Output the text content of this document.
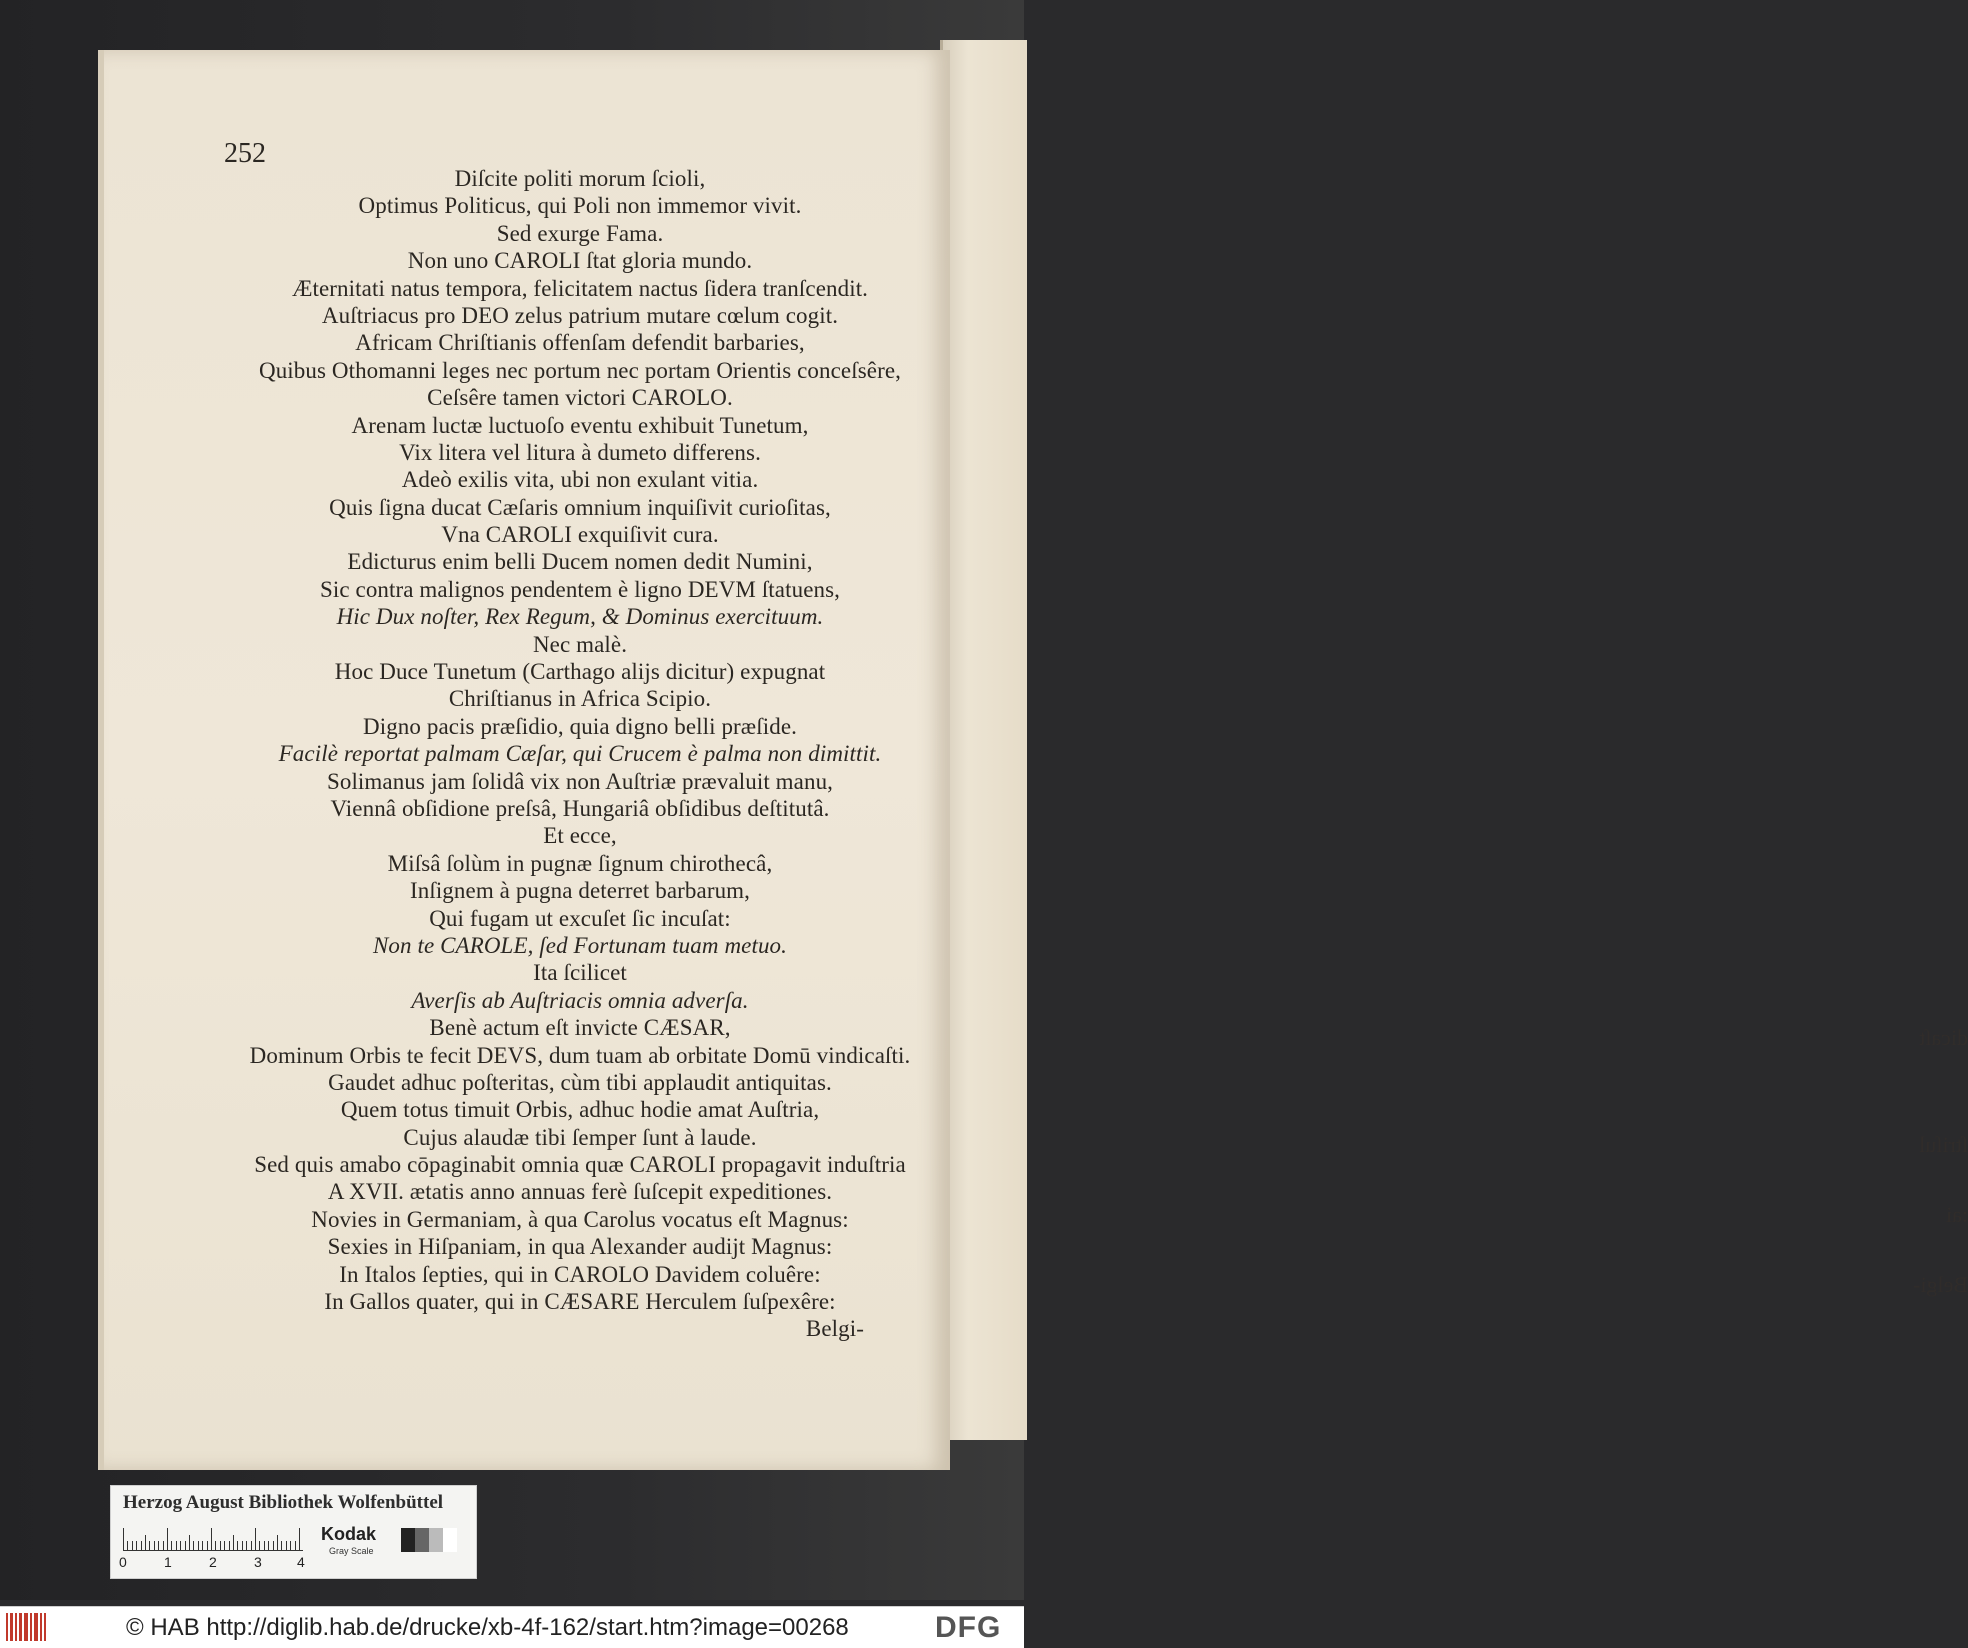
dicaſt
ſtriſul
:ai
Belgi-
252
Diſcite politi morum ſcioli,
Optimus Politicus, qui Poli non immemor vivit.
Sed exurge Fama.
Non uno CAROLI ſtat gloria mundo.
Æternitati natus tempora, felicitatem nactus ſidera tranſcendit.
Auſtriacus pro DEO zelus patrium mutare cœlum cogit.
Africam Chriſtianis offenſam defendit barbaries,
Quibus Othomanni leges nec portum nec portam Orientis conceſsêre,
Ceſsêre tamen victori CAROLO.
Arenam luctæ luctuoſo eventu exhibuit Tunetum,
Vix litera vel litura à dumeto differens.
Adeò exilis vita, ubi non exulant vitia.
Quis ſigna ducat Cæſaris omnium inquiſivit curioſitas,
Vna CAROLI exquiſivit cura.
Edicturus enim belli Ducem nomen dedit Numini,
Sic contra malignos pendentem è ligno DEVM ſtatuens,
Hic Dux noſter, Rex Regum, & Dominus exercituum.
Nec malè.
Hoc Duce Tunetum (Carthago alijs dicitur) expugnat
Chriſtianus in Africa Scipio.
Digno pacis præſidio, quia digno belli præſide.
Facilè reportat palmam Cæſar, qui Crucem è palma non dimittit.
Solimanus jam ſolidâ vix non Auſtriæ prævaluit manu,
Viennâ obſidione preſsâ, Hungariâ obſidibus deſtitutâ.
Et ecce,
Miſsâ ſolùm in pugnæ ſignum chirothecâ,
Inſignem à pugna deterret barbarum,
Qui fugam ut excuſet ſic incuſat:
Non te CAROLE, ſed Fortunam tuam metuo.
Ita ſcilicet
Averſis ab Auſtriacis omnia adverſa.
Benè actum eſt invicte CÆSAR,
Dominum Orbis te fecit DEVS, dum tuam ab orbitate Domū vindicaſti.
Gaudet adhuc poſteritas, cùm tibi applaudit antiquitas.
Quem totus timuit Orbis, adhuc hodie amat Auſtria,
Cujus alaudæ tibi ſemper ſunt à laude.
Sed quis amabo cōpaginabit omnia quæ CAROLI propagavit induſtria
A XVII. ætatis anno annuas ferè ſuſcepit expeditiones.
Novies in Germaniam, à qua Carolus vocatus eſt Magnus:
Sexies in Hiſpaniam, in qua Alexander audijt Magnus:
In Italos ſepties, qui in CAROLO Davidem coluêre:
In Gallos quater, qui in CÆSARE Herculem ſuſpexêre:
Belgi-
Herzog August Bibliothek Wolfenbüttel
0	1	2	3	4
Kodak
Gray Scale
© HAB http://diglib.hab.de/drucke/xb-4f-162/start.htm?image=00268	DFG
